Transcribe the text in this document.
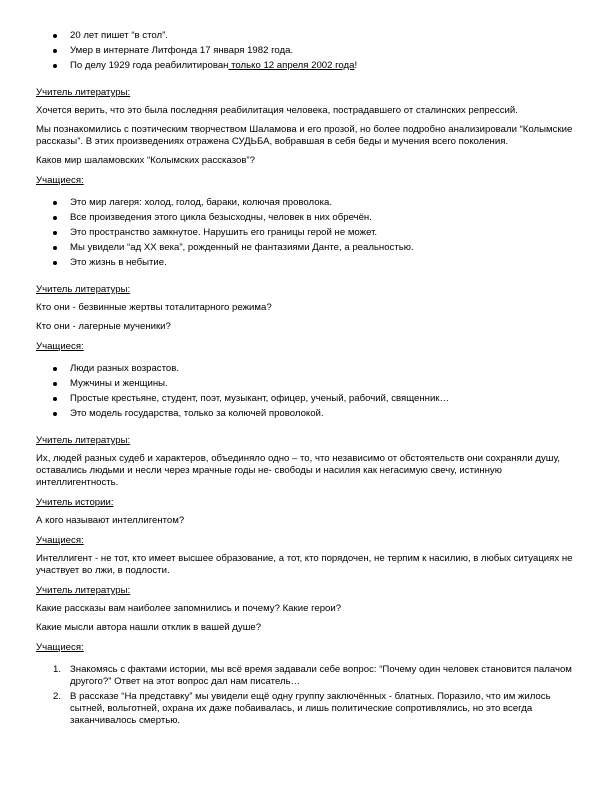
20 лет пишет “в стол”.
Умер в интернате Литфонда 17 января 1982 года.
По делу 1929 года реабилитирован только 12 апреля 2002 года!
Учитель литературы:

Хочется верить, что это была последняя реабилитация человека, пострадавшего от сталинских репрессий.

Мы познакомились с поэтическим творчеством Шаламова и его прозой, но более подробно анализировали “Колымские рассказы”. В этих произведениях отражена СУДЬБА, вобравшая в себя беды и мучения всего поколения.

Каков мир шаламовских “Колымских рассказов”?

Учащиеся:
Это мир лагеря: холод, голод, бараки, колючая проволока.
Все произведения этого цикла безысходны, человек в них обречён.
Это пространство замкнутое. Нарушить его границы герой не может.
Мы увидели “ад XX века”, рожденный не фантазиями Данте, а реальностью.
Это жизнь в небытие.
Учитель литературы:

Кто они - безвинные жертвы тоталитарного режима?

Кто они - лагерные мученики?

Учащиеся:
Люди разных возрастов.
Мужчины и женщины.
Простые крестьяне, студент, поэт, музыкант, офицер, ученый, рабочий, священник…
Это модель государства, только за колючей проволокой.
Учитель литературы:

Их, людей разных судеб и характеров, объединяло одно – то, что независимо от обстоятельств они сохраняли душу, оставались людьми и несли через мрачные годы не- свободы и насилия как негасимую свечу, истинную интеллигентность.

Учитель истории:

А кого называют интеллигентом?

Учащиеся:

Интеллигент - не тот, кто имеет высшее образование, а тот, кто порядочен, не терпим к насилию, в любых ситуациях не участвует во лжи, в подлости.

Учитель литературы:

Какие рассказы вам наиболее запомнились и почему? Какие герои?

Какие мысли автора нашли отклик в вашей душе?

Учащиеся:
1. Знакомясь с фактами истории, мы всё время задавали себе вопрос: “Почему один человек становится палачом другого?” Ответ на этот вопрос дал нам писатель…
2. В рассказе “На представку” мы увидели ещё одну группу заключённых - блатных. Поразило, что им жилось сытней, вольготней, охрана их даже побаивалась, и лишь политические сопротивлялись, но это всегда заканчивалось смертью.
